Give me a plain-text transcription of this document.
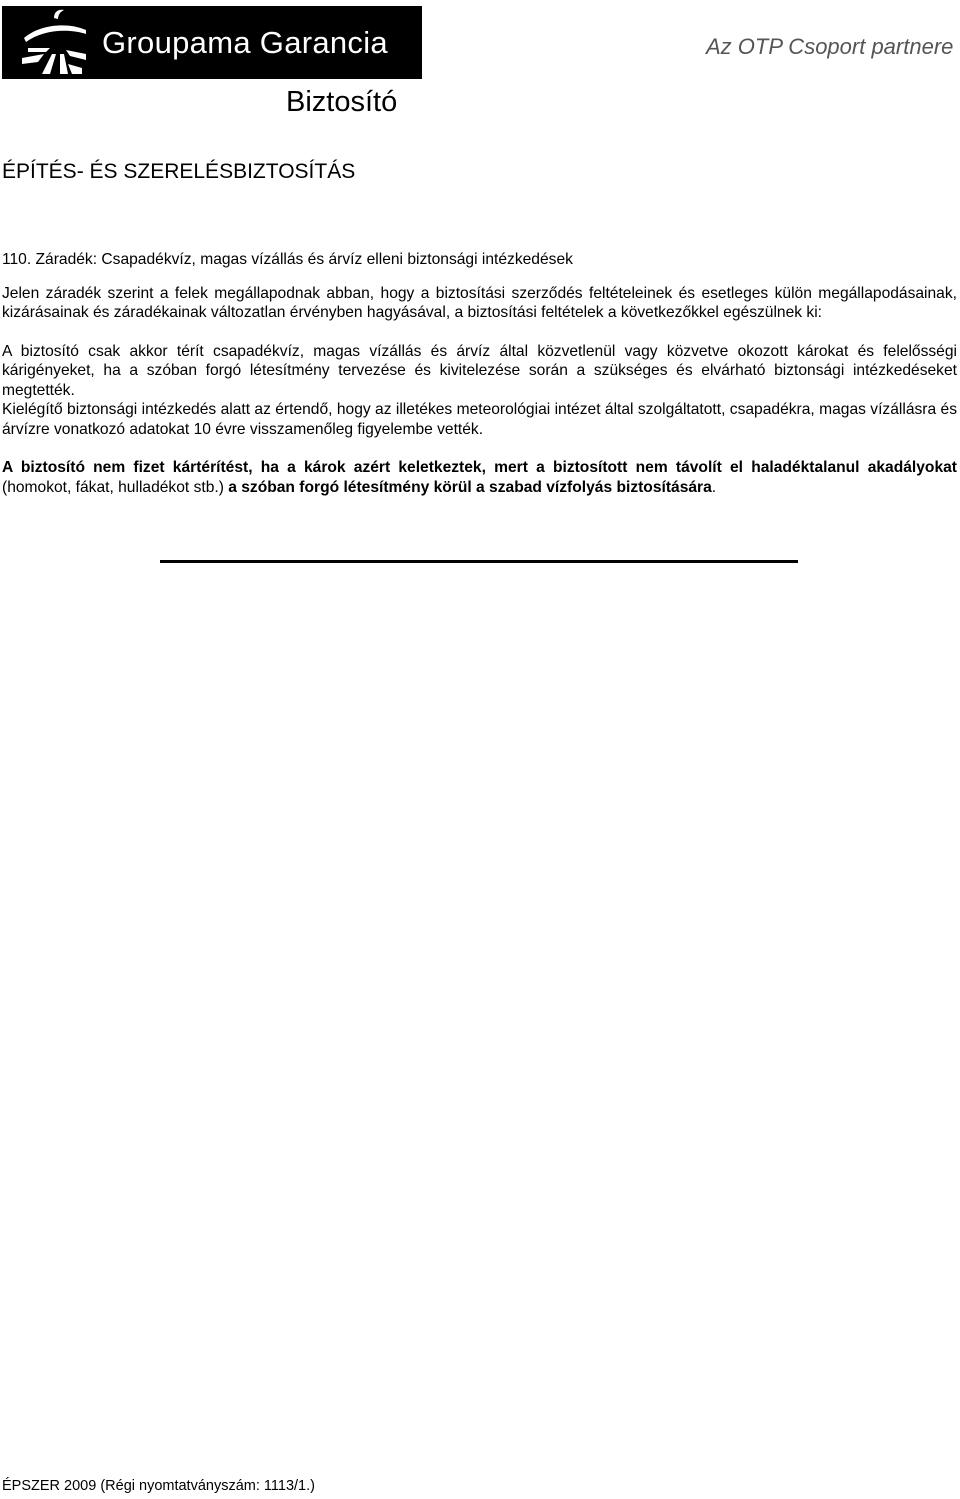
Groupama Garancia
Biztosító
Az OTP Csoport partnere
ÉPÍTÉS- ÉS SZERELÉSBIZTOSÍTÁS
110. Záradék: Csapadékvíz, magas vízállás és árvíz elleni biztonsági intézkedések

Jelen záradék szerint a felek megállapodnak abban, hogy a biztosítási szerződés feltételeinek és esetleges külön megállapodásainak, kizárásainak és záradékainak változatlan érvényben hagyásával, a biztosítási feltételek a következőkkel egészülnek ki:

A biztosító csak akkor térít csapadékvíz, magas vízállás és árvíz által közvetlenül vagy közvetve okozott károkat és felelősségi kárigényeket, ha a szóban forgó létesítmény tervezése és kivitelezése során a szükséges és elvárható biztonsági intézkedéseket megtették.

Kielégítő biztonsági intézkedés alatt az értendő, hogy az illetékes meteorológiai intézet által szolgáltatott, csapadékra, magas vízállásra és árvízre vonatkozó adatokat 10 évre visszamenőleg figyelembe vették.

A biztosító nem fizet kártérítést, ha a károk azért keletkeztek, mert a biztosított nem távolít el haladéktalanul akadályokat (homokot, fákat, hulladékot stb.) a szóban forgó létesítmény körül a szabad vízfolyás biztosítására.

ÉPSZER 2009 (Régi nyomtatványszám: 1113/1.)
